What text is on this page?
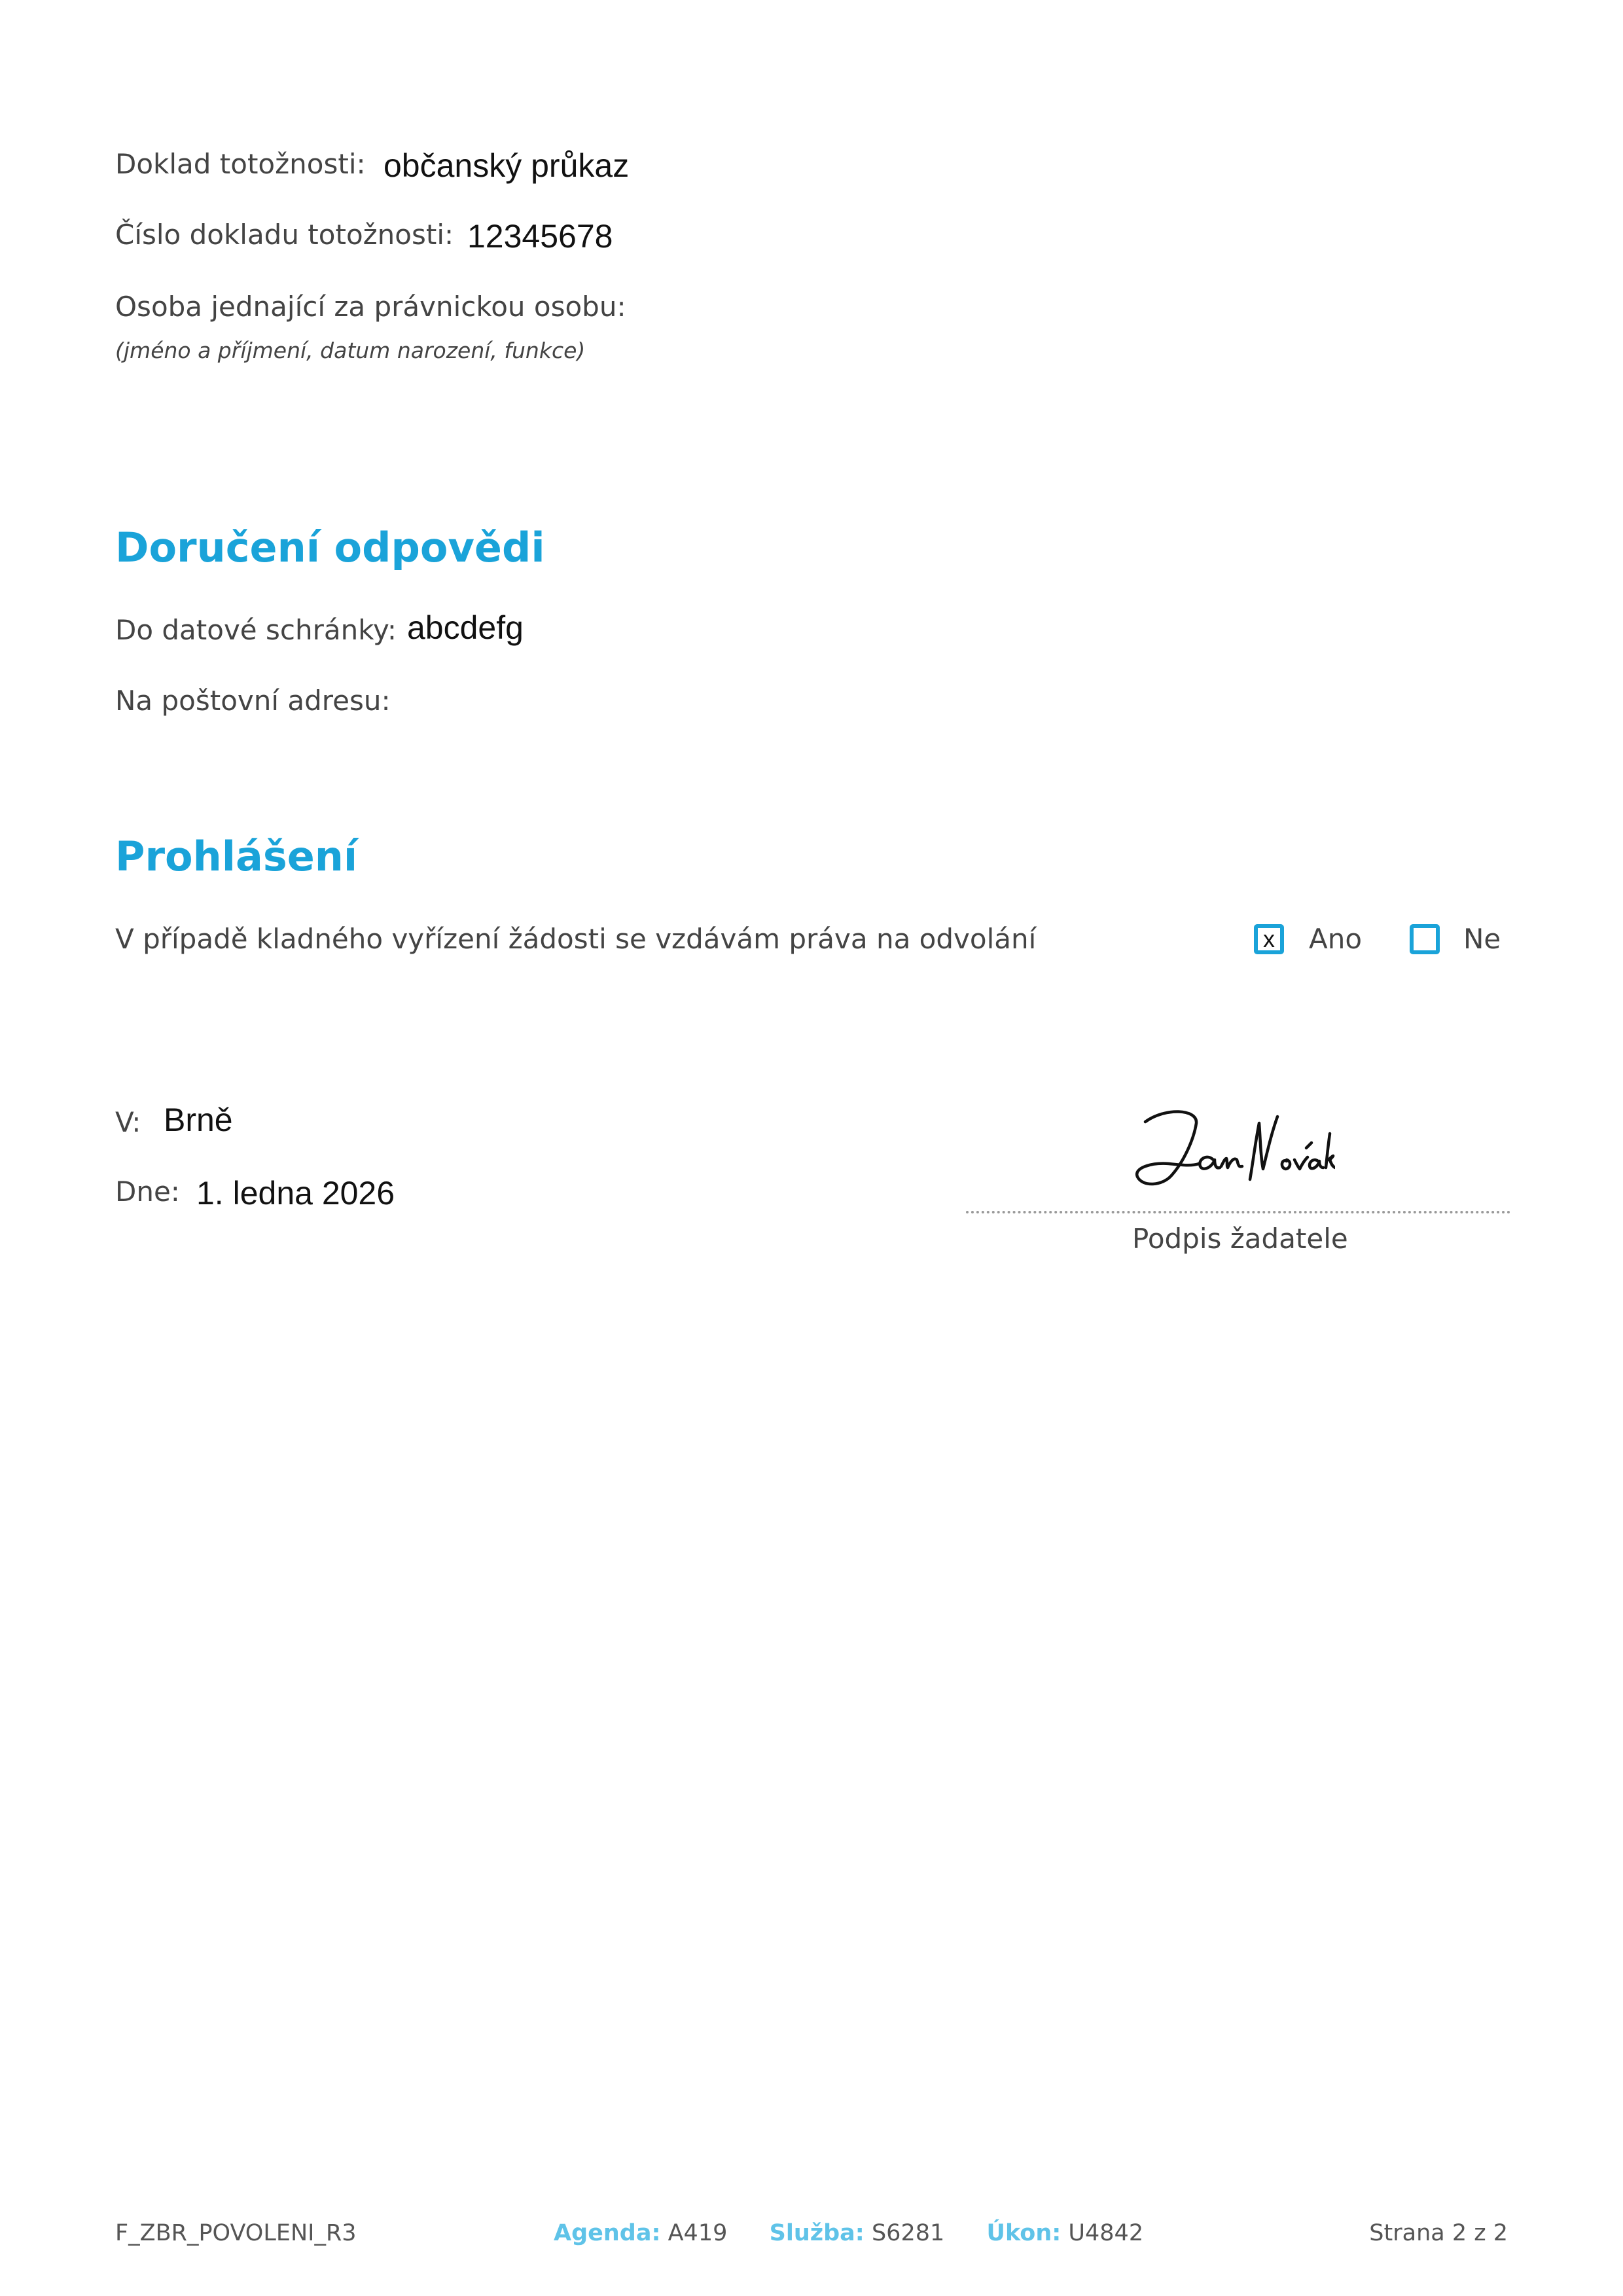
Doklad totožnosti: občanský průkaz
Číslo dokladu totožnosti: 12345678
Osoba jednající za právnickou osobu:
(jméno a příjmení, datum narození, funkce)
Doručení odpovědi
Do datové schránky: abcdefg
Na poštovní adresu:
Prohlášení
V případě kladného vyřízení žádosti se vzdávám práva na odvolání	x Ano	Ne
V: Brně
Dne: 1. ledna 2026
Podpis žadatele
F_ZBR_POVOLENI_R3	Agenda: A419 Služba: S6281 Úkon: U4842	Strana 2 z 2
